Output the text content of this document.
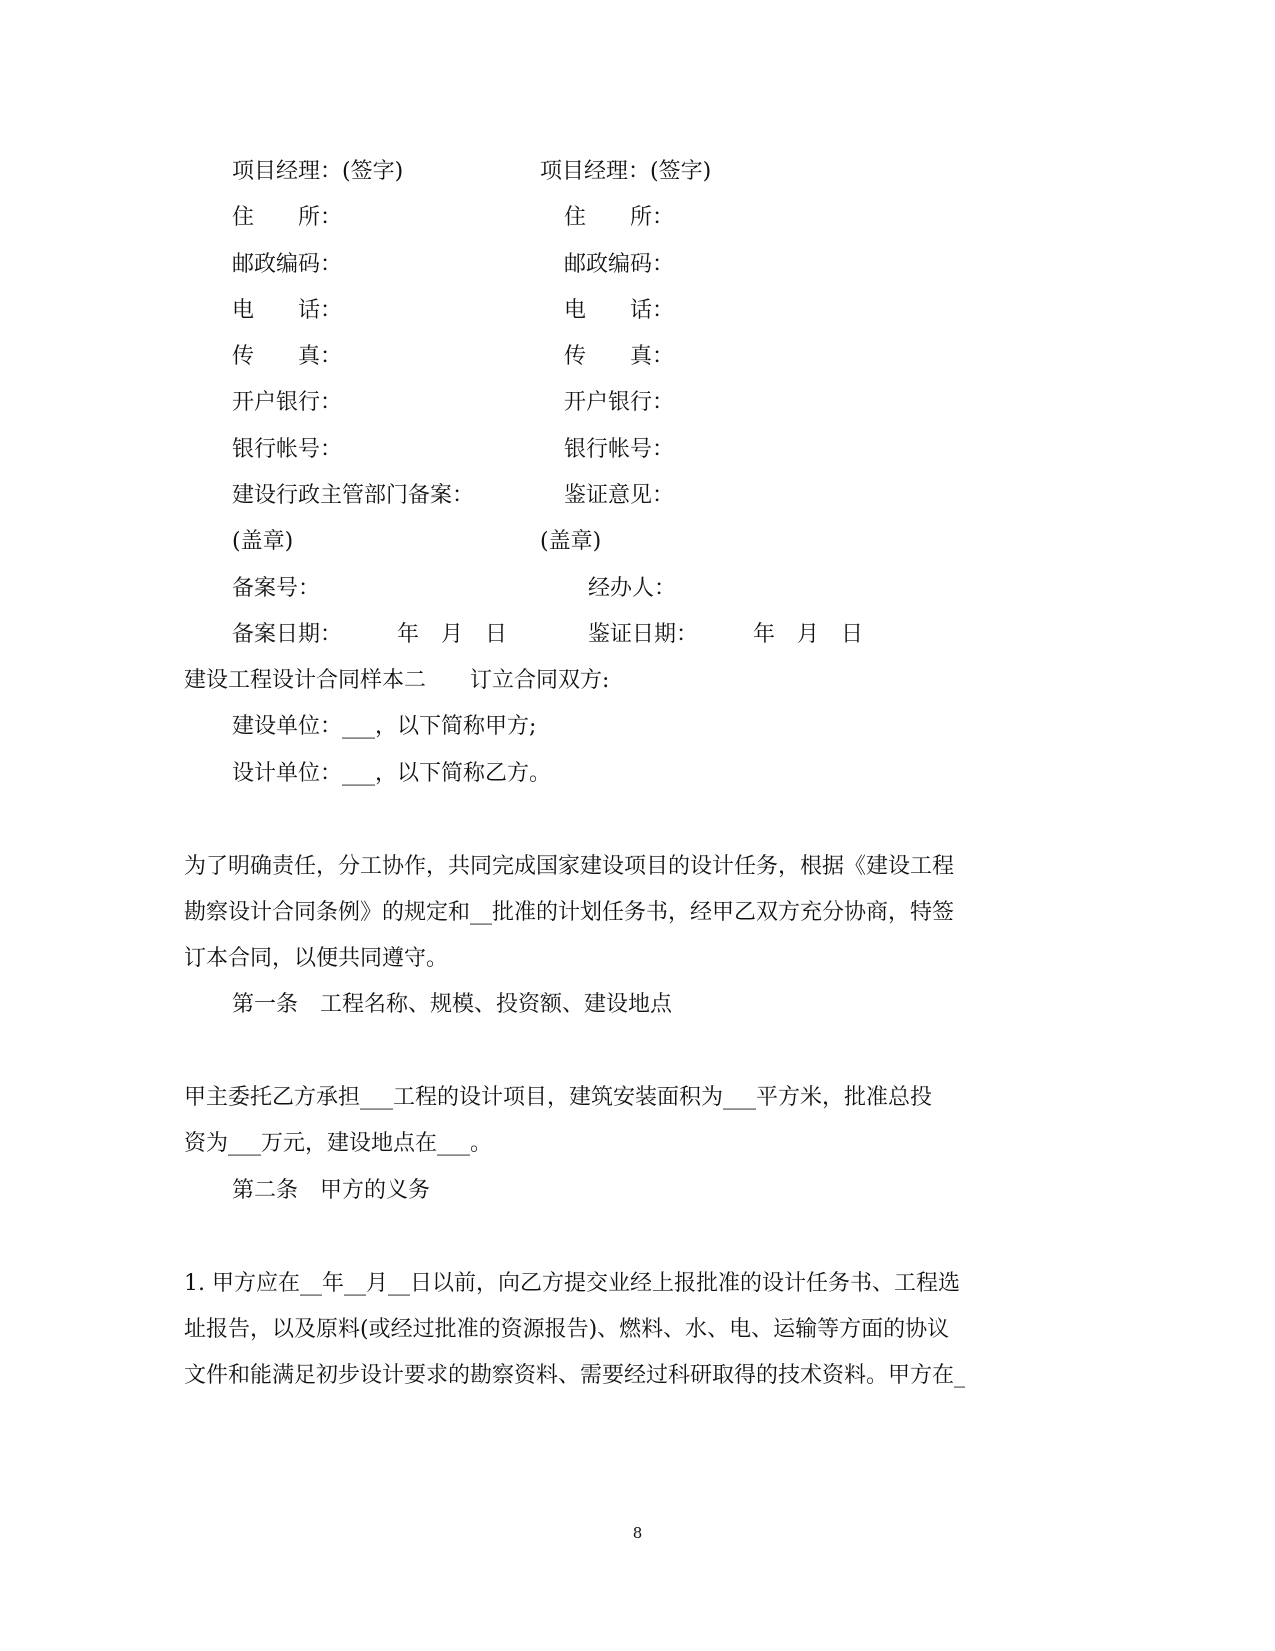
项目经理：(签字)
住　　所：
邮政编码：
电　　话：
传　　真：
开户银行：
银行帐号：
建设行政主管部门备案：
(盖章)
备案号：
备案日期：　　　年　月　日
项目经理：(签字)
住　　所：
邮政编码：
电　　话：
传　　真：
开户银行：
银行帐号：
鉴证意见：
(盖章)
经办人：
鉴证日期：　　　年　月　日
建设工程设计合同样本二　　订立合同双方:
建设单位：___，以下简称甲方;
设计单位：___，以下简称乙方。
为了明确责任，分工协作，共同完成国家建设项目的设计任务，根据《建设工程
勘察设计合同条例》的规定和__批准的计划任务书，经甲乙双方充分协商，特签
订本合同，以便共同遵守。
第一条　工程名称、规模、投资额、建设地点
甲主委托乙方承担___工程的设计项目，建筑安装面积为___平方米，批准总投
资为___万元，建设地点在___。
第二条　甲方的义务
1. 甲方应在__年__月__日以前，向乙方提交业经上报批准的设计任务书、工程选
址报告，以及原料(或经过批准的资源报告)、燃料、水、电、运输等方面的协议
文件和能满足初步设计要求的勘察资料、需要经过科研取得的技术资料。甲方在_
8
